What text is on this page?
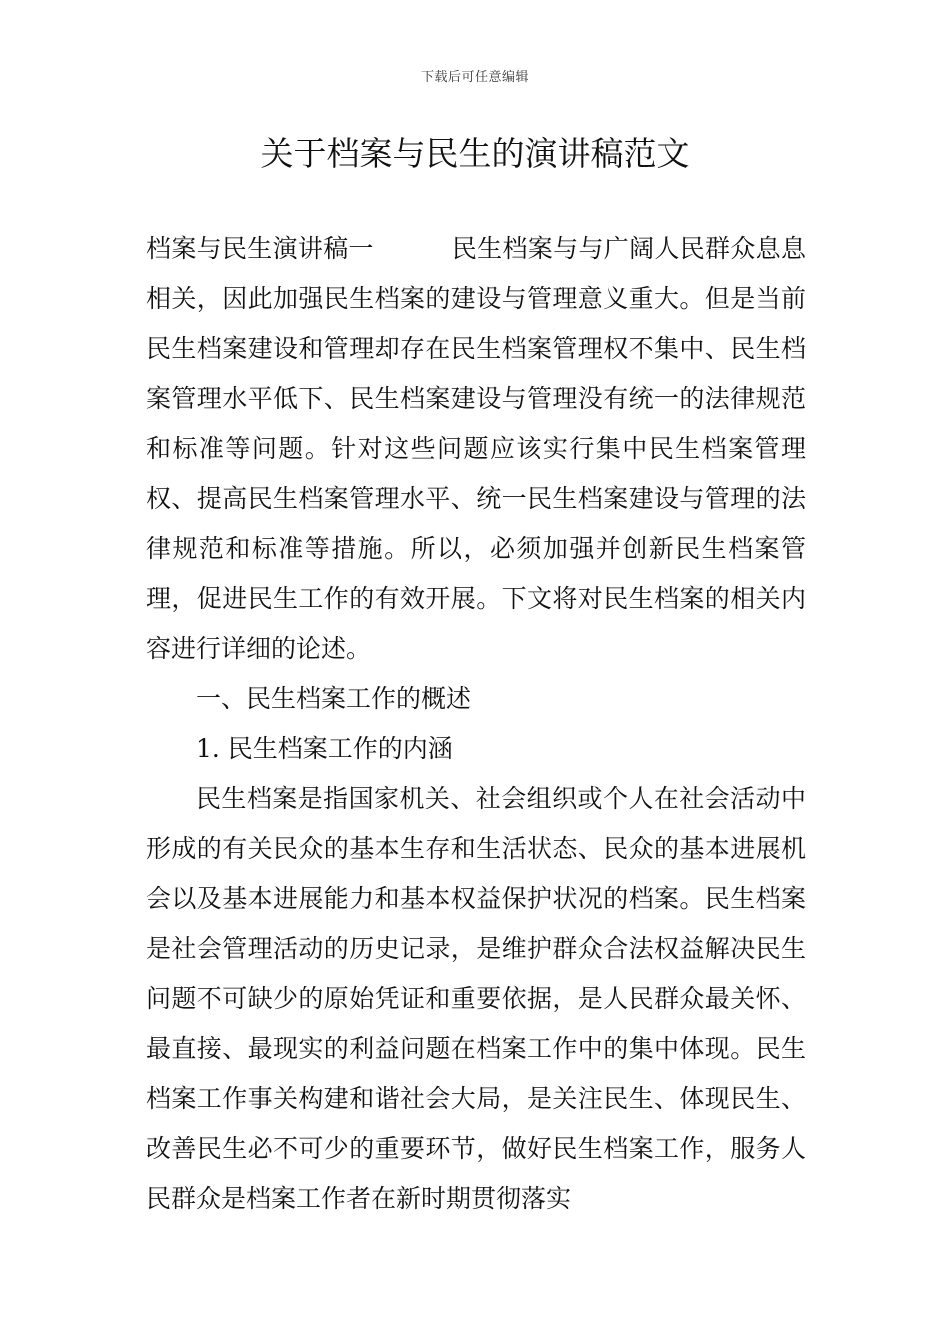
下载后可任意编辑
关于档案与民生的演讲稿范文

档案与民生演讲稿一	民生档案与与广阔人民群众息息相关，因此加强民生档案的建设与管理意义重大。但是当前民生档案建设和管理却存在民生档案管理权不集中、民生档案管理水平低下、民生档案建设与管理没有统一的法律规范和标准等问题。针对这些问题应该实行集中民生档案管理权、提高民生档案管理水平、统一民生档案建设与管理的法律规范和标准等措施。所以，必须加强并创新民生档案管理，促进民生工作的有效开展。下文将对民生档案的相关内容进行详细的论述。

一、民生档案工作的概述

1. 民生档案工作的内涵

民生档案是指国家机关、社会组织或个人在社会活动中形成的有关民众的基本生存和生活状态、民众的基本进展机会以及基本进展能力和基本权益保护状况的档案。民生档案是社会管理活动的历史记录，是维护群众合法权益解决民生问题不可缺少的原始凭证和重要依据，是人民群众最关怀、最直接、最现实的利益问题在档案工作中的集中体现。民生档案工作事关构建和谐社会大局，是关注民生、体现民生、改善民生必不可少的重要环节，做好民生档案工作，服务人民群众是档案工作者在新时期贯彻落实
